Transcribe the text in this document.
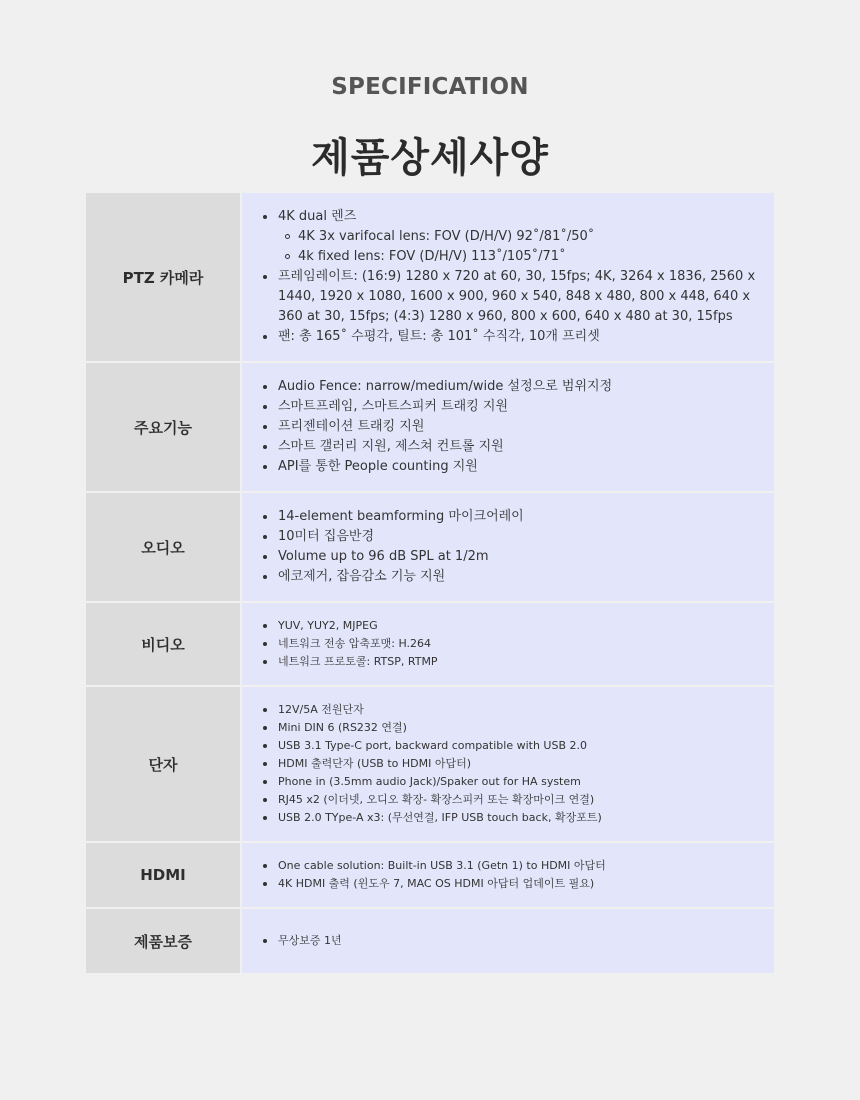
SPECIFICATION
제품상세사양
PTZ 카메라
4K dual 렌즈
4K 3x varifocal lens: FOV (D/H/V) 92˚/81˚/50˚
4k fixed lens: FOV (D/H/V) 113˚/105˚/71˚
프레임레이트: (16:9) 1280 x 720 at 60, 30, 15fps; 4K, 3264 x 1836, 2560 x 1440, 1920 x 1080, 1600 x 900, 960 x 540, 848 x 480, 800 x 448, 640 x 360 at 30, 15fps; (4:3) 1280 x 960, 800 x 600, 640 x 480 at 30, 15fps
팬: 총 165˚ 수평각, 틸트: 총 101˚ 수직각, 10개 프리셋
주요기능
Audio Fence: narrow/medium/wide 설정으로 범위지정
스마트프레임, 스마트스피커 트래킹 지원
프리젠테이션 트래킹 지원
스마트 갤러리 지원, 제스쳐 컨트롤 지원
API를 통한 People counting 지원
오디오
14-element beamforming 마이크어레이
10미터 집음반경
Volume up to 96 dB SPL at 1/2m
에코제거, 잡음감소 기능 지원
비디오
YUV, YUY2, MJPEG
네트워크 전송 압축포맷: H.264
네트워크 프로토콜: RTSP, RTMP
단자
12V/5A 전원단자
Mini DIN 6 (RS232 연결)
USB 3.1 Type-C port, backward compatible with USB 2.0
HDMI 출력단자 (USB to HDMI 아답터)
Phone in (3.5mm audio Jack)/Spaker out for HA system
RJ45 x2 (이더넷, 오디오 확장- 확장스피커 또는 확장마이크 연결)
USB 2.0 TYpe-A x3: (무선연결, IFP USB touch back, 확장포트)
HDMI
One cable solution: Built-in USB 3.1 (Getn 1) to HDMI 아답터
4K HDMI 출력 (윈도우 7, MAC OS HDMI 아답터 업데이트 필요)
제품보증	무상보증 1년
